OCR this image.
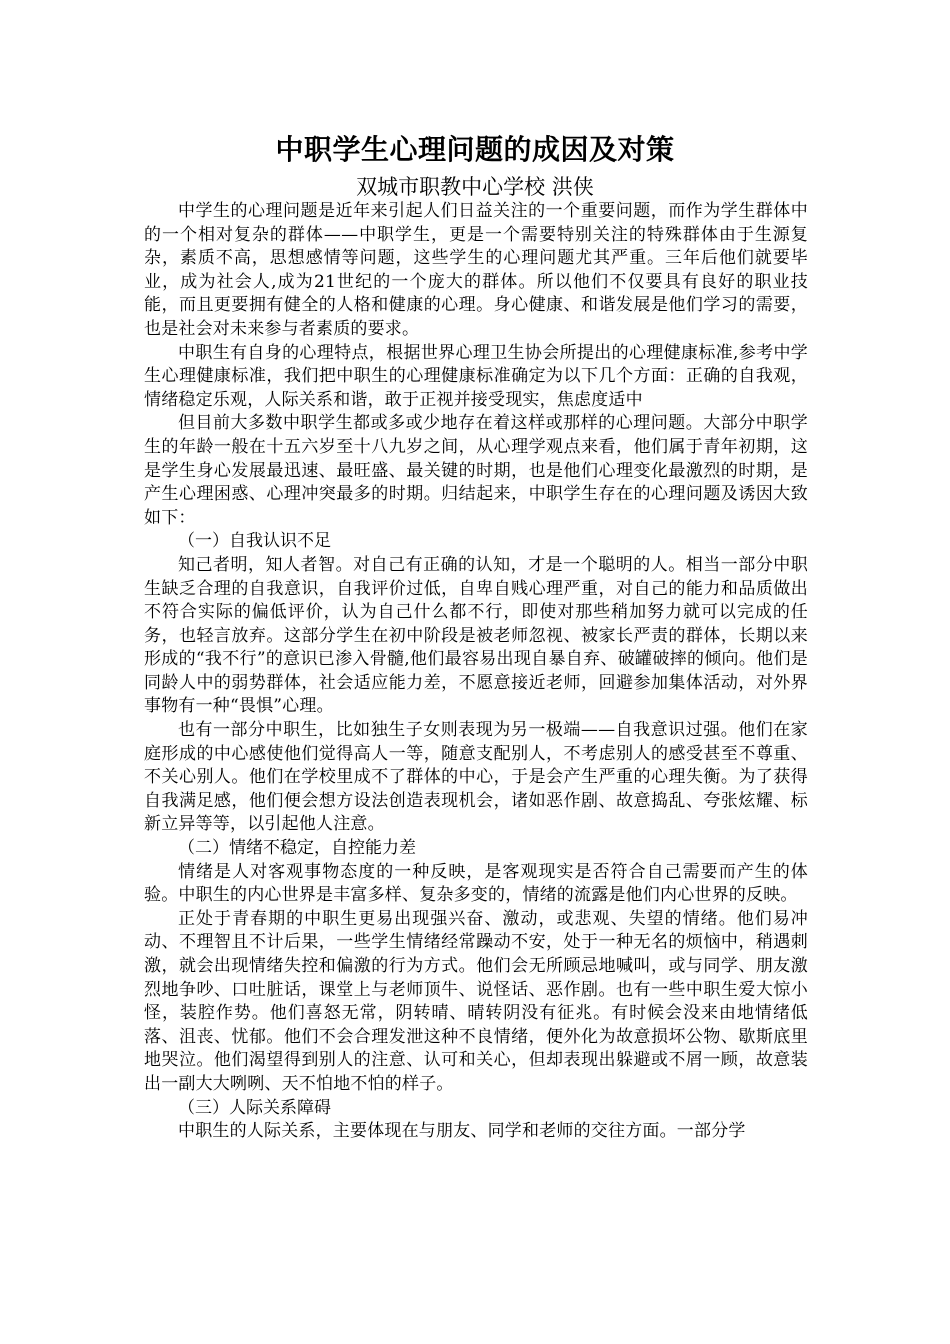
中职学生心理问题的成因及对策
双城市职教中心学校 洪侠

中学生的心理问题是近年来引起人们日益关注的一个重要问题，而作为学生群体中的一个相对复杂的群体——中职学生，更是一个需要特别关注的特殊群体由于生源复杂，素质不高，思想感情等问题，这些学生的心理问题尤其严重。三年后他们就要毕业，成为社会人,成为21世纪的一个庞大的群体。所以他们不仅要具有良好的职业技能，而且更要拥有健全的人格和健康的心理。身心健康、和谐发展是他们学习的需要，也是社会对未来参与者素质的要求。

中职生有自身的心理特点，根据世界心理卫生协会所提出的心理健康标准,参考中学生心理健康标准，我们把中职生的心理健康标准确定为以下几个方面：正确的自我观，情绪稳定乐观，人际关系和谐，敢于正视并接受现实，焦虑度适中

但目前大多数中职学生都或多或少地存在着这样或那样的心理问题。大部分中职学生的年龄一般在十五六岁至十八九岁之间，从心理学观点来看，他们属于青年初期，这是学生身心发展最迅速、最旺盛、最关键的时期，也是他们心理变化最激烈的时期，是产生心理困惑、心理冲突最多的时期。归结起来，中职学生存在的心理问题及诱因大致如下：

（一）自我认识不足

知己者明，知人者智。对自己有正确的认知，才是一个聪明的人。相当一部分中职生缺乏合理的自我意识，自我评价过低，自卑自贱心理严重，对自己的能力和品质做出不符合实际的偏低评价，认为自己什么都不行，即使对那些稍加努力就可以完成的任务，也轻言放弃。这部分学生在初中阶段是被老师忽视、被家长严责的群体，长期以来形成的“我不行”的意识已渗入骨髓,他们最容易出现自暴自弃、破罐破摔的倾向。他们是同龄人中的弱势群体，社会适应能力差，不愿意接近老师，回避参加集体活动，对外界事物有一种“畏惧”心理。

也有一部分中职生，比如独生子女则表现为另一极端——自我意识过强。他们在家庭形成的中心感使他们觉得高人一等，随意支配别人，不考虑别人的感受甚至不尊重、不关心别人。他们在学校里成不了群体的中心，于是会产生严重的心理失衡。为了获得自我满足感，他们便会想方设法创造表现机会，诸如恶作剧、故意捣乱、夸张炫耀、标新立异等等，以引起他人注意。

（二）情绪不稳定，自控能力差

情绪是人对客观事物态度的一种反映，是客观现实是否符合自己需要而产生的体验。中职生的内心世界是丰富多样、复杂多变的，情绪的流露是他们内心世界的反映。

正处于青春期的中职生更易出现强兴奋、激动，或悲观、失望的情绪。他们易冲动、不理智且不计后果，一些学生情绪经常躁动不安，处于一种无名的烦恼中，稍遇刺激，就会出现情绪失控和偏激的行为方式。他们会无所顾忌地喊叫，或与同学、朋友激烈地争吵、口吐脏话，课堂上与老师顶牛、说怪话、恶作剧。也有一些中职生爱大惊小怪，装腔作势。他们喜怒无常，阴转晴、晴转阴没有征兆。有时候会没来由地情绪低落、沮丧、忧郁。他们不会合理发泄这种不良情绪，便外化为故意损坏公物、歇斯底里地哭泣。他们渴望得到别人的注意、认可和关心，但却表现出躲避或不屑一顾，故意装出一副大大咧咧、天不怕地不怕的样子。

（三）人际关系障碍

中职生的人际关系，主要体现在与朋友、同学和老师的交往方面。一部分学
